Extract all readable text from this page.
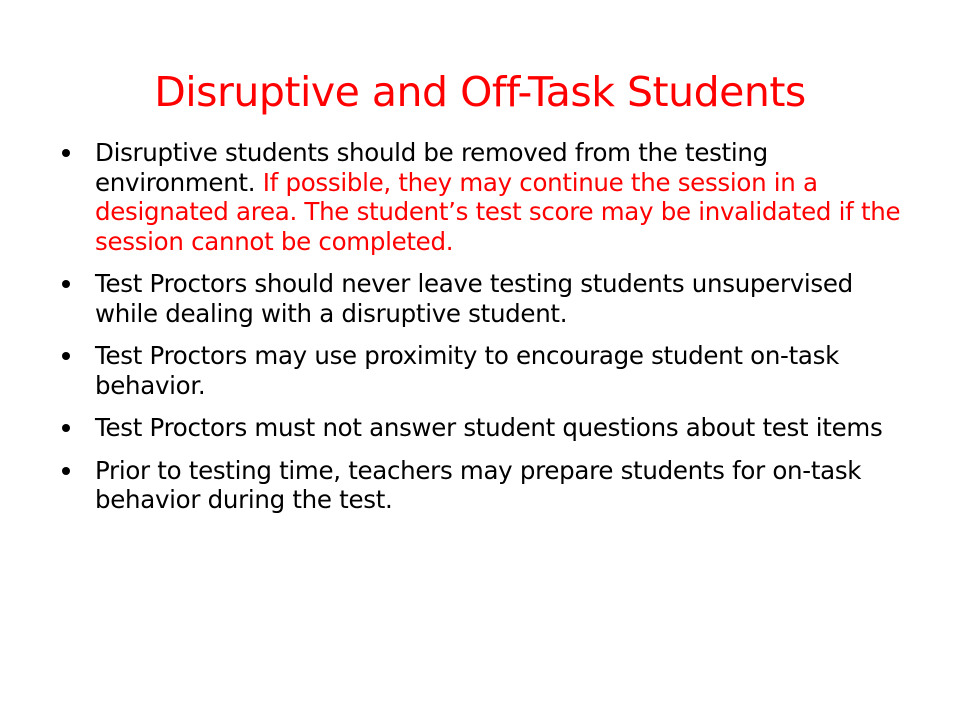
Disruptive and Off-Task Students
Disruptive students should be removed from the testing environment. If possible, they may continue the session in a designated area. The student’s test score may be invalidated if the session cannot be completed.
Test Proctors should never leave testing students unsupervised while dealing with a disruptive student.
Test Proctors may use proximity to encourage student on-task behavior.
Test Proctors must not answer student questions about test items
Prior to testing time, teachers may prepare students for on-task behavior during the test.
